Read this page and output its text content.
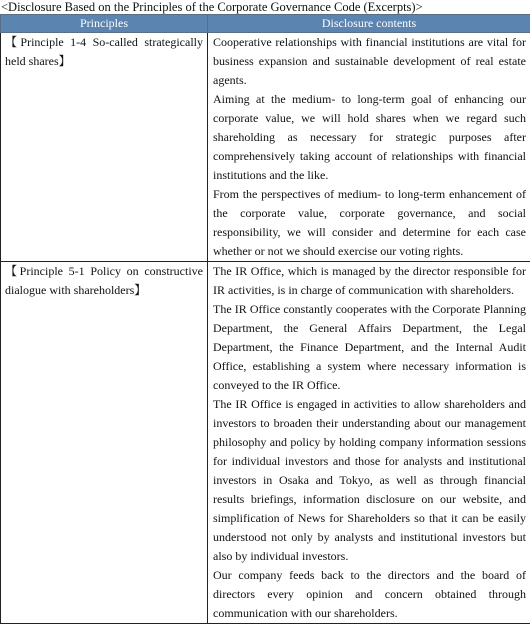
<Disclosure Based on the Principles of the Corporate Governance Code (Excerpts)>
Principles	Disclosure contents
【Principle 1-4 So-called strategically held shares】	Cooperative relationships with financial institutions are vital for business expansion and sustainable development of real estate agents.

Aiming at the medium- to long-term goal of enhancing our corporate value, we will hold shares when we regard such shareholding as necessary for strategic purposes after comprehensively taking account of relationships with financial institutions and the like.

From the perspectives of medium- to long-term enhancement of the corporate value, corporate governance, and social responsibility, we will consider and determine for each case whether or not we should exercise our voting rights.

【Principle 5-1 Policy on constructive dialogue with shareholders】	The IR Office, which is managed by the director responsible for IR activities, is in charge of communication with shareholders.

The IR Office constantly cooperates with the Corporate Planning Department, the General Affairs Department, the Legal Department, the Finance Department, and the Internal Audit Office, establishing a system where necessary information is conveyed to the IR Office.

The IR Office is engaged in activities to allow shareholders and investors to broaden their understanding about our management philosophy and policy by holding company information sessions for individual investors and those for analysts and institutional investors in Osaka and Tokyo, as well as through financial results briefings, information disclosure on our website, and simplification of News for Shareholders so that it can be easily understood not only by analysts and institutional investors but also by individual investors.

Our company feeds back to the directors and the board of directors every opinion and concern obtained through communication with our shareholders.
